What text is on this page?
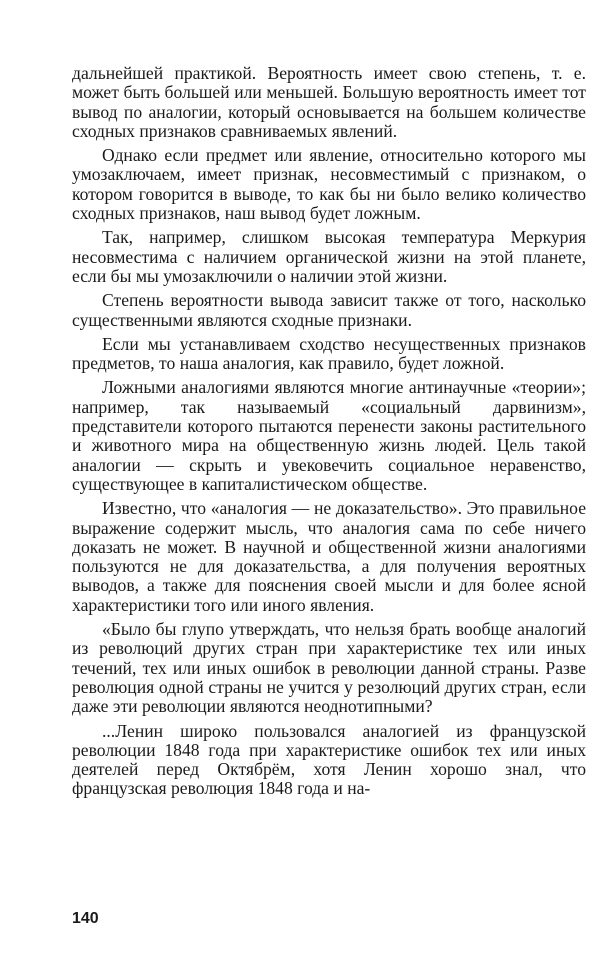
дальнейшей практикой. Вероятность имеет свою степень, т. е. может быть большей или меньшей. Большую вероятность имеет тот вывод по аналогии, который основывается на большем количестве сходных признаков сравниваемых явлений.

Однако если предмет или явление, относительно которого мы умозаключаем, имеет признак, несовместимый с признаком, о котором говорится в выводе, то как бы ни было велико количество сходных признаков, наш вывод будет ложным.

Так, например, слишком высокая температура Меркурия несовместима с наличием органической жизни на этой планете, если бы мы умозаключили о наличии этой жизни.

Степень вероятности вывода зависит также от того, насколько существенными являются сходные признаки.

Если мы устанавливаем сходство несущественных признаков предметов, то наша аналогия, как правило, будет ложной.

Ложными аналогиями являются многие антинаучные «теории»; например, так называемый «социальный дарвинизм», представители которого пытаются перенести законы растительного и животного мира на общественную жизнь людей. Цель такой аналогии — скрыть и увековечить социальное неравенство, существующее в капиталистическом обществе.

Известно, что «аналогия — не доказательство». Это правильное выражение содержит мысль, что аналогия сама по себе ничего доказать не может. В научной и общественной жизни аналогиями пользуются не для доказательства, а для получения вероятных выводов, а также для пояснения своей мысли и для более ясной характеристики того или иного явления.

«Было бы глупо утверждать, что нельзя брать вообще аналогий из революций других стран при характеристике тех или иных течений, тех или иных ошибок в революции данной страны. Разве революция одной страны не учится у резолюций других стран, если даже эти революции являются неоднотипными?

...Ленин широко пользовался аналогией из французской революции 1848 года при характеристике ошибок тех или иных деятелей перед Октябрём, хотя Ленин хорошо знал, что французская революция 1848 года и на-

140
